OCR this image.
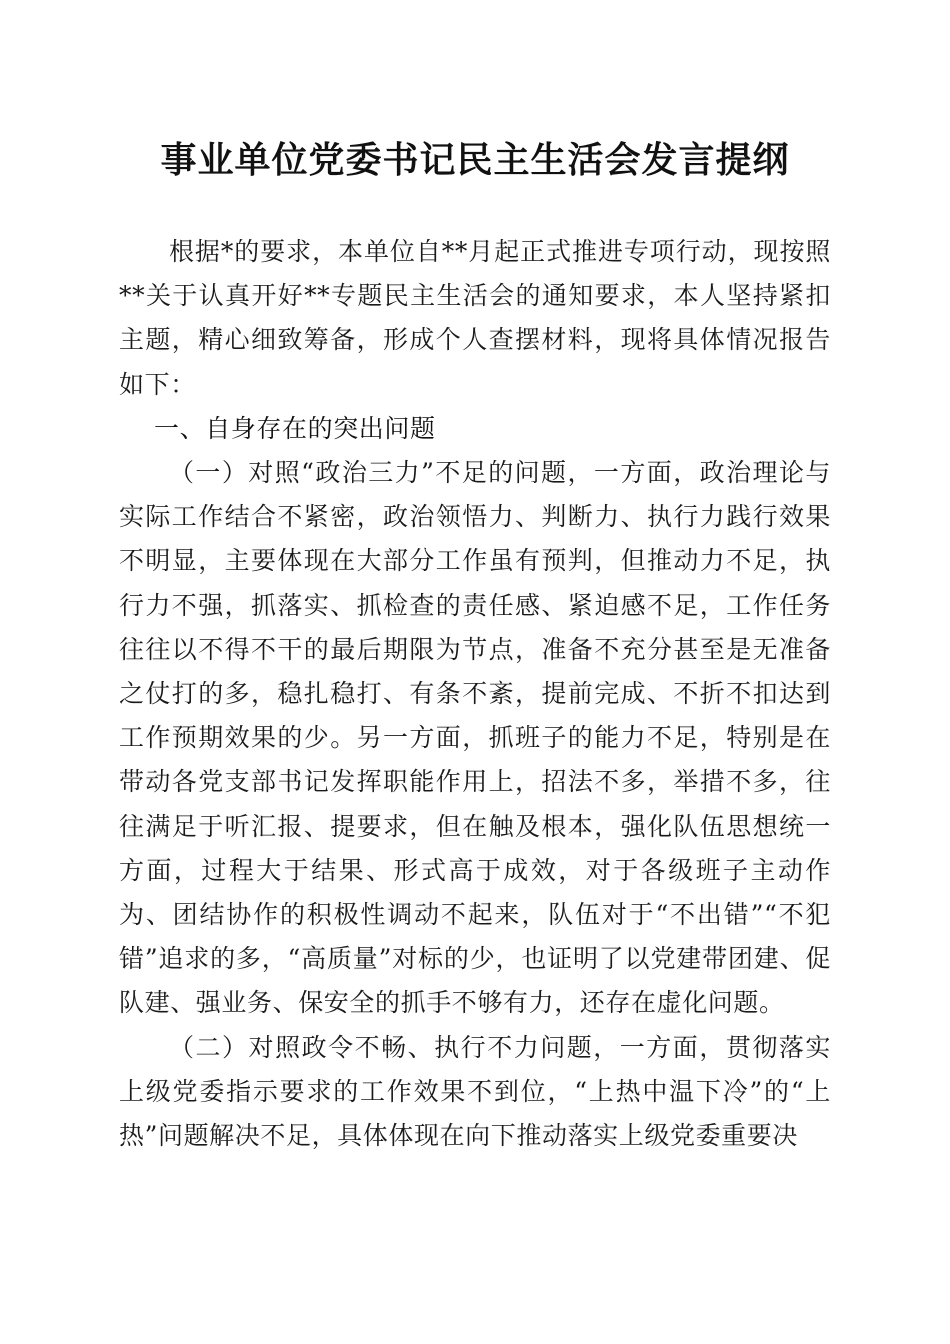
事业单位党委书记民主生活会发言提纲

根据*的要求，本单位自**月起正式推进专项行动，现按照**关于认真开好**专题民主生活会的通知要求，本人坚持紧扣主题，精心细致筹备，形成个人查摆材料，现将具体情况报告如下：

一、自身存在的突出问题

（一）对照“政治三力”不足的问题，一方面，政治理论与实际工作结合不紧密，政治领悟力、判断力、执行力践行效果不明显，主要体现在大部分工作虽有预判，但推动力不足，执行力不强，抓落实、抓检查的责任感、紧迫感不足，工作任务往往以不得不干的最后期限为节点，准备不充分甚至是无准备之仗打的多，稳扎稳打、有条不紊，提前完成、不折不扣达到工作预期效果的少。另一方面，抓班子的能力不足，特别是在带动各党支部书记发挥职能作用上，招法不多，举措不多，往往满足于听汇报、提要求，但在触及根本，强化队伍思想统一方面，过程大于结果、形式高于成效，对于各级班子主动作为、团结协作的积极性调动不起来，队伍对于“不出错”“不犯错”追求的多，“高质量”对标的少，也证明了以党建带团建、促队建、强业务、保安全的抓手不够有力，还存在虚化问题。

（二）对照政令不畅、执行不力问题，一方面，贯彻落实上级党委指示要求的工作效果不到位，“上热中温下冷”的“上热”问题解决不足，具体体现在向下推动落实上级党委重要决
